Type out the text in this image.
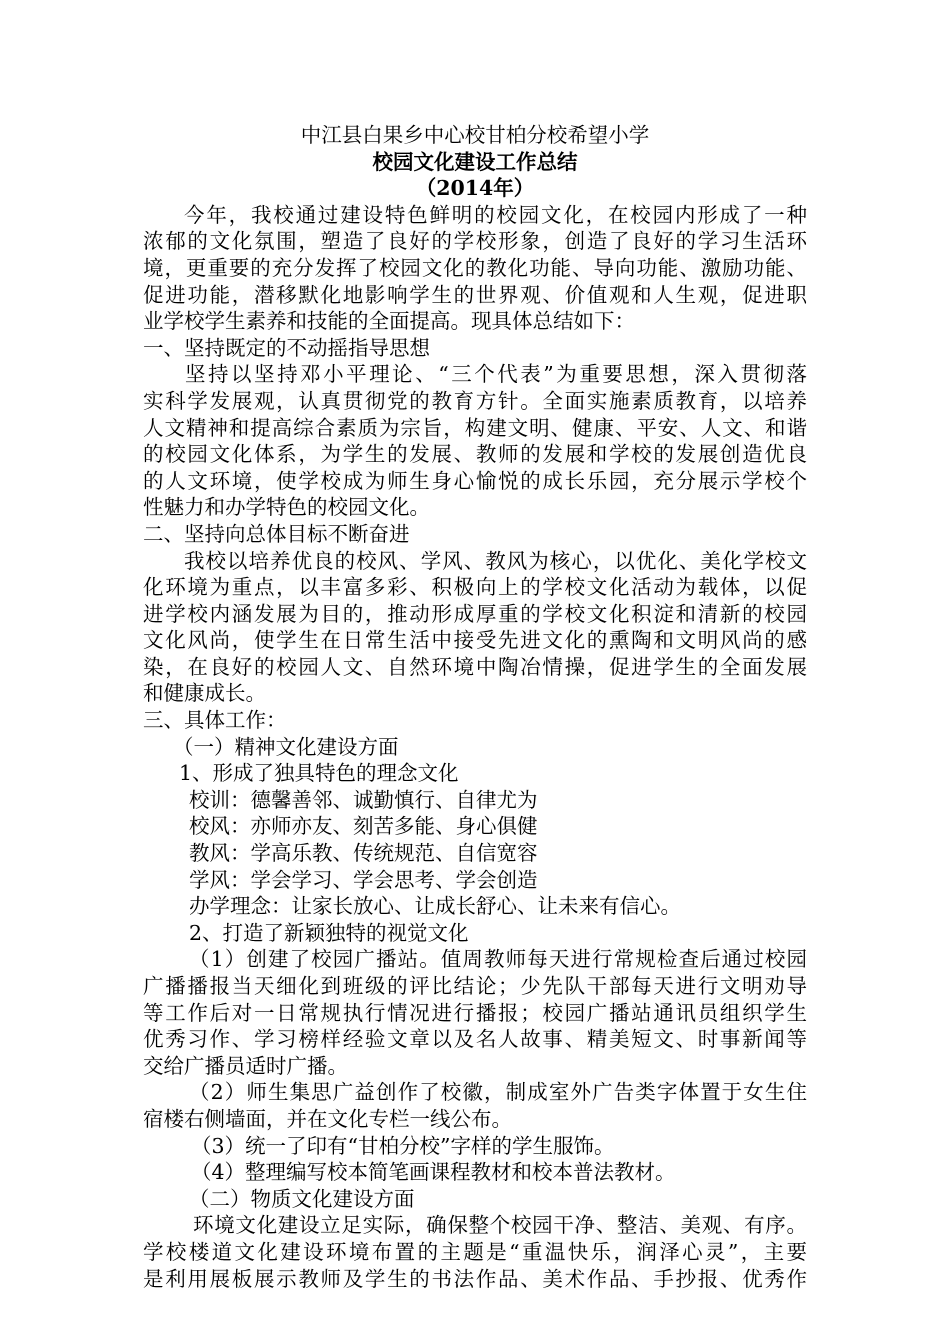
中江县白果乡中心校甘柏分校希望小学
校园文化建设工作总结
（2014年）
今年，我校通过建设特色鲜明的校园文化，在校园内形成了一种
浓郁的文化氛围，塑造了良好的学校形象，创造了良好的学习生活环
境，更重要的充分发挥了校园文化的教化功能、导向功能、激励功能、
促进功能，潜移默化地影响学生的世界观、价值观和人生观，促进职
业学校学生素养和技能的全面提高。现具体总结如下：
一、坚持既定的不动摇指导思想
坚持以坚持邓小平理论、“三个代表”为重要思想，深入贯彻落
实科学发展观，认真贯彻党的教育方针。全面实施素质教育，以培养
人文精神和提高综合素质为宗旨，构建文明、健康、平安、人文、和谐
的校园文化体系，为学生的发展、教师的发展和学校的发展创造优良
的人文环境，使学校成为师生身心愉悦的成长乐园，充分展示学校个
性魅力和办学特色的校园文化。
二、坚持向总体目标不断奋进
我校以培养优良的校风、学风、教风为核心，以优化、美化学校文
化环境为重点，以丰富多彩、积极向上的学校文化活动为载体，以促
进学校内涵发展为目的，推动形成厚重的学校文化积淀和清新的校园
文化风尚，使学生在日常生活中接受先进文化的熏陶和文明风尚的感
染，在良好的校园人文、自然环境中陶冶情操，促进学生的全面发展
和健康成长。
三、具体工作：
（一）精神文化建设方面
1、形成了独具特色的理念文化
校训：德馨善邻、诚勤慎行、自律尤为
校风：亦师亦友、刻苦多能、身心俱健
教风：学高乐教、传统规范、自信宽容
学风：学会学习、学会思考、学会创造
办学理念：让家长放心、让成长舒心、让未来有信心。
2、打造了新颖独特的视觉文化
（1）创建了校园广播站。值周教师每天进行常规检查后通过校园
广播播报当天细化到班级的评比结论；少先队干部每天进行文明劝导
等工作后对一日常规执行情况进行播报；校园广播站通讯员组织学生
优秀习作、学习榜样经验文章以及名人故事、精美短文、时事新闻等
交给广播员适时广播。
（2）师生集思广益创作了校徽，制成室外广告类字体置于女生住
宿楼右侧墙面，并在文化专栏一线公布。
（3）统一了印有“甘柏分校”字样的学生服饰。
（4）整理编写校本简笔画课程教材和校本普法教材。
（二）物质文化建设方面
环境文化建设立足实际，确保整个校园干净、整洁、美观、有序。
学校楼道文化建设环境布置的主题是“重温快乐，润泽心灵”，主要
是利用展板展示教师及学生的书法作品、美术作品、手抄报、优秀作
